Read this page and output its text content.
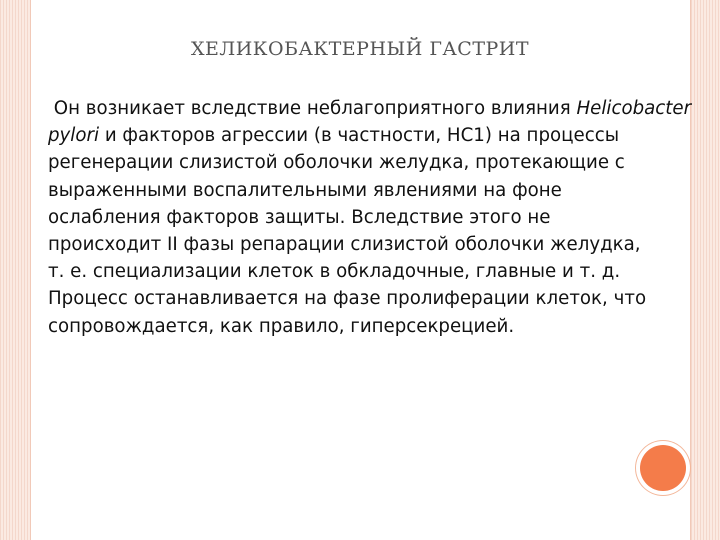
ХЕЛИКОБАКТЕРНЫЙ ГАСТРИТ

Он возникает вследствие неблагоприятного влияния Helicobacter pylori и факторов агрессии (в частности, НС1) на процессы регенерации слизистой оболочки желудка, протекающие с выраженными воспалительными явлениями на фоне ослабления факторов защиты. Вследствие этого не происходит II фазы репарации слизистой оболочки желудка, т. е. специализации клеток в обкладочные, главные и т. д. Процесс останавливается на фазе пролиферации клеток, что сопровождается, как правило, гиперсекрецией.
